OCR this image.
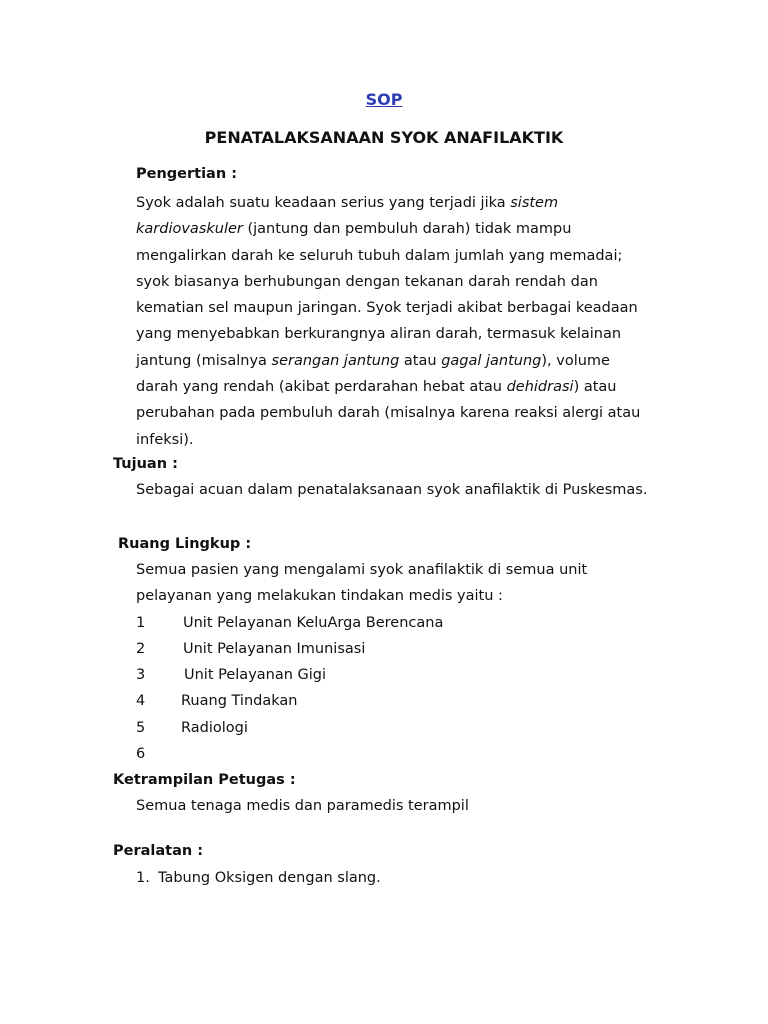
SOP
PENATALAKSANAAN SYOK ANAFILAKTIK
Pengertian :
Syok adalah suatu keadaan serius yang terjadi jika sistem
kardiovaskuler (jantung dan pembuluh darah) tidak mampu
mengalirkan darah ke seluruh tubuh dalam jumlah yang memadai;
syok biasanya berhubungan dengan tekanan darah rendah dan
kematian sel maupun jaringan. Syok terjadi akibat berbagai keadaan
yang menyebabkan berkurangnya aliran darah, termasuk kelainan
jantung (misalnya serangan jantung atau gagal jantung), volume
darah yang rendah (akibat perdarahan hebat atau dehidrasi) atau
perubahan pada pembuluh darah (misalnya karena reaksi alergi atau
infeksi).
Tujuan :
Sebagai acuan dalam penatalaksanaan syok anafilaktik di Puskesmas.
Ruang Lingkup :
Semua pasien yang mengalami syok anafilaktik di semua unit
pelayanan yang melakukan tindakan medis yaitu :
1	Unit Pelayanan KeluArga Berencana
2	Unit Pelayanan Imunisasi
3	Unit Pelayanan Gigi
4 Ruang Tindakan
5 Radiologi
6
Ketrampilan Petugas :
Semua tenaga medis dan paramedis terampil
Peralatan :
1. Tabung Oksigen dengan slang.
